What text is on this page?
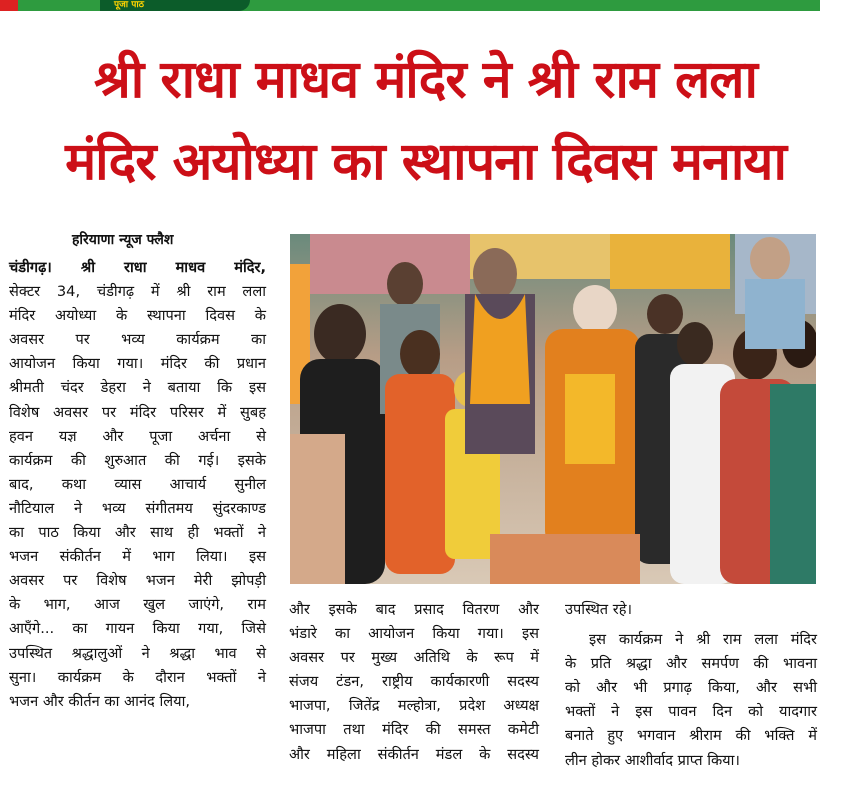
पूजा पाठ
श्री राधा माधव मंदिर ने श्री राम लला
मंदिर अयोध्या का स्थापना दिवस मनाया
हरियाणा न्यूज फ्लैश
चंडीगढ़। श्री राधा माधव मंदिर,
सेक्टर 34, चंडीगढ़ में श्री राम लला
मंदिर अयोध्या के स्थापना दिवस के
अवसर पर भव्य कार्यक्रम का
आयोजन किया गया। मंदिर की प्रधान
श्रीमती चंदर डेहरा ने बताया कि इस
विशेष अवसर पर मंदिर परिसर में सुबह
हवन यज्ञ और पूजा अर्चना से
कार्यक्रम की शुरुआत की गई। इसके
बाद, कथा व्यास आचार्य सुनील
नौटियाल ने भव्य संगीतमय सुंदरकाण्ड
का पाठ किया और साथ ही भक्तों ने
भजन संकीर्तन में भाग लिया। इस
अवसर पर विशेष भजन मेरी झोपड़ी
के भाग, आज खुल जाएंगे, राम
आएँगे... का गायन किया गया, जिसे
उपस्थित श्रद्धालुओं ने श्रद्धा भाव से
सुना। कार्यक्रम के दौरान भक्तों ने
भजन और कीर्तन का आनंद लिया,
और इसके बाद प्रसाद वितरण और
भंडारे का आयोजन किया गया। इस
अवसर पर मुख्य अतिथि के रूप में
संजय टंडन, राष्ट्रीय कार्यकारणी सदस्य
भाजपा, जितेंद्र मल्होत्रा, प्रदेश अध्यक्ष
भाजपा तथा मंदिर की समस्त कमेटी
और महिला संकीर्तन मंडल के सदस्य
उपस्थित रहे।
इस कार्यक्रम ने श्री राम लला मंदिर
के प्रति श्रद्धा और समर्पण की भावना
को और भी प्रगाढ़ किया, और सभी
भक्तों ने इस पावन दिन को यादगार
बनाते हुए भगवान श्रीराम की भक्ति में
लीन होकर आशीर्वाद प्राप्त किया।
